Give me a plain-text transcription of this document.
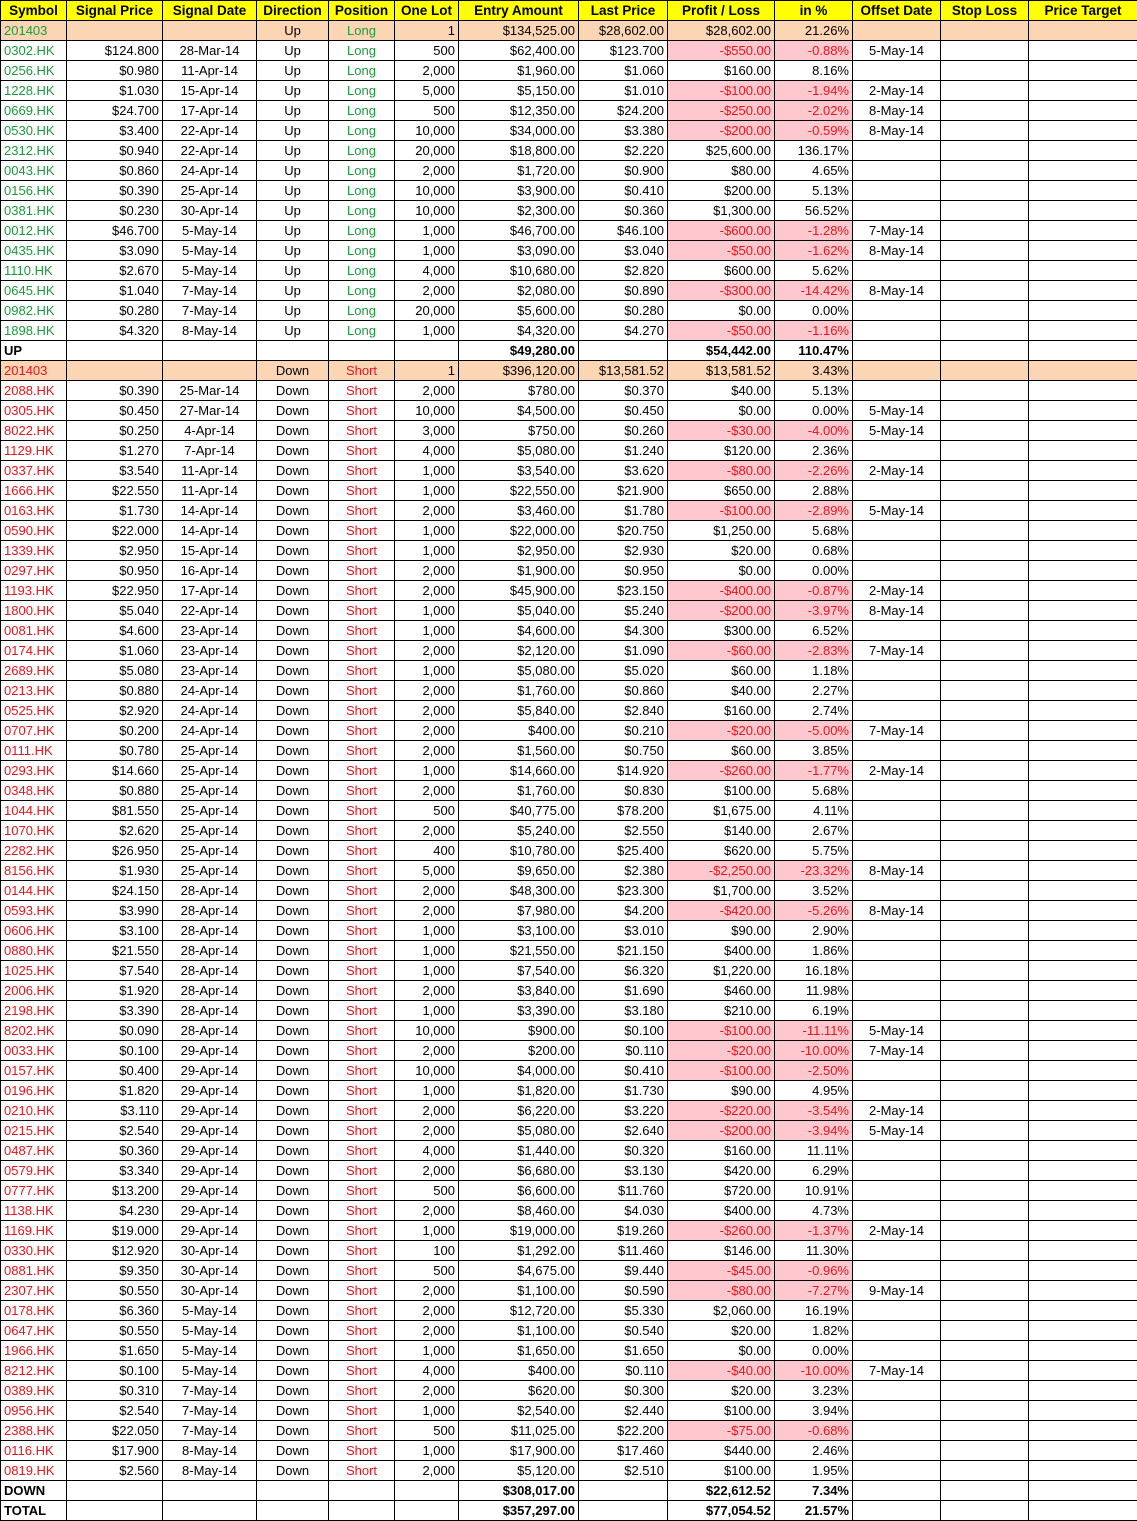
Symbol	Signal Price	Signal Date	Direction	Position	One Lot	Entry Amount	Last Price	Profit / Loss	in %	Offset Date	Stop Loss	Price Target
201403			Up	Long	1	$134,525.00	$28,602.00	$28,602.00	21.26%			
0302.HK	$124.800	28-Mar-14	Up	Long	500	$62,400.00	$123.700	-$550.00	-0.88%	5-May-14		
0256.HK	$0.980	11-Apr-14	Up	Long	2,000	$1,960.00	$1.060	$160.00	8.16%			
1228.HK	$1.030	15-Apr-14	Up	Long	5,000	$5,150.00	$1.010	-$100.00	-1.94%	2-May-14		
0669.HK	$24.700	17-Apr-14	Up	Long	500	$12,350.00	$24.200	-$250.00	-2.02%	8-May-14		
0530.HK	$3.400	22-Apr-14	Up	Long	10,000	$34,000.00	$3.380	-$200.00	-0.59%	8-May-14		
2312.HK	$0.940	22-Apr-14	Up	Long	20,000	$18,800.00	$2.220	$25,600.00	136.17%			
0043.HK	$0.860	24-Apr-14	Up	Long	2,000	$1,720.00	$0.900	$80.00	4.65%			
0156.HK	$0.390	25-Apr-14	Up	Long	10,000	$3,900.00	$0.410	$200.00	5.13%			
0381.HK	$0.230	30-Apr-14	Up	Long	10,000	$2,300.00	$0.360	$1,300.00	56.52%			
0012.HK	$46.700	5-May-14	Up	Long	1,000	$46,700.00	$46.100	-$600.00	-1.28%	7-May-14		
0435.HK	$3.090	5-May-14	Up	Long	1,000	$3,090.00	$3.040	-$50.00	-1.62%	8-May-14		
1110.HK	$2.670	5-May-14	Up	Long	4,000	$10,680.00	$2.820	$600.00	5.62%			
0645.HK	$1.040	7-May-14	Up	Long	2,000	$2,080.00	$0.890	-$300.00	-14.42%	8-May-14		
0982.HK	$0.280	7-May-14	Up	Long	20,000	$5,600.00	$0.280	$0.00	0.00%			
1898.HK	$4.320	8-May-14	Up	Long	1,000	$4,320.00	$4.270	-$50.00	-1.16%			
UP						$49,280.00		$54,442.00	110.47%			
201403			Down	Short	1	$396,120.00	$13,581.52	$13,581.52	3.43%			
2088.HK	$0.390	25-Mar-14	Down	Short	2,000	$780.00	$0.370	$40.00	5.13%			
0305.HK	$0.450	27-Mar-14	Down	Short	10,000	$4,500.00	$0.450	$0.00	0.00%	5-May-14		
8022.HK	$0.250	4-Apr-14	Down	Short	3,000	$750.00	$0.260	-$30.00	-4.00%	5-May-14		
1129.HK	$1.270	7-Apr-14	Down	Short	4,000	$5,080.00	$1.240	$120.00	2.36%			
0337.HK	$3.540	11-Apr-14	Down	Short	1,000	$3,540.00	$3.620	-$80.00	-2.26%	2-May-14		
1666.HK	$22.550	11-Apr-14	Down	Short	1,000	$22,550.00	$21.900	$650.00	2.88%			
0163.HK	$1.730	14-Apr-14	Down	Short	2,000	$3,460.00	$1.780	-$100.00	-2.89%	5-May-14		
0590.HK	$22.000	14-Apr-14	Down	Short	1,000	$22,000.00	$20.750	$1,250.00	5.68%			
1339.HK	$2.950	15-Apr-14	Down	Short	1,000	$2,950.00	$2.930	$20.00	0.68%			
0297.HK	$0.950	16-Apr-14	Down	Short	2,000	$1,900.00	$0.950	$0.00	0.00%			
1193.HK	$22.950	17-Apr-14	Down	Short	2,000	$45,900.00	$23.150	-$400.00	-0.87%	2-May-14		
1800.HK	$5.040	22-Apr-14	Down	Short	1,000	$5,040.00	$5.240	-$200.00	-3.97%	8-May-14		
0081.HK	$4.600	23-Apr-14	Down	Short	1,000	$4,600.00	$4.300	$300.00	6.52%			
0174.HK	$1.060	23-Apr-14	Down	Short	2,000	$2,120.00	$1.090	-$60.00	-2.83%	7-May-14		
2689.HK	$5.080	23-Apr-14	Down	Short	1,000	$5,080.00	$5.020	$60.00	1.18%			
0213.HK	$0.880	24-Apr-14	Down	Short	2,000	$1,760.00	$0.860	$40.00	2.27%			
0525.HK	$2.920	24-Apr-14	Down	Short	2,000	$5,840.00	$2.840	$160.00	2.74%			
0707.HK	$0.200	24-Apr-14	Down	Short	2,000	$400.00	$0.210	-$20.00	-5.00%	7-May-14		
0111.HK	$0.780	25-Apr-14	Down	Short	2,000	$1,560.00	$0.750	$60.00	3.85%			
0293.HK	$14.660	25-Apr-14	Down	Short	1,000	$14,660.00	$14.920	-$260.00	-1.77%	2-May-14		
0348.HK	$0.880	25-Apr-14	Down	Short	2,000	$1,760.00	$0.830	$100.00	5.68%			
1044.HK	$81.550	25-Apr-14	Down	Short	500	$40,775.00	$78.200	$1,675.00	4.11%			
1070.HK	$2.620	25-Apr-14	Down	Short	2,000	$5,240.00	$2.550	$140.00	2.67%			
2282.HK	$26.950	25-Apr-14	Down	Short	400	$10,780.00	$25.400	$620.00	5.75%			
8156.HK	$1.930	25-Apr-14	Down	Short	5,000	$9,650.00	$2.380	-$2,250.00	-23.32%	8-May-14		
0144.HK	$24.150	28-Apr-14	Down	Short	2,000	$48,300.00	$23.300	$1,700.00	3.52%			
0593.HK	$3.990	28-Apr-14	Down	Short	2,000	$7,980.00	$4.200	-$420.00	-5.26%	8-May-14		
0606.HK	$3.100	28-Apr-14	Down	Short	1,000	$3,100.00	$3.010	$90.00	2.90%			
0880.HK	$21.550	28-Apr-14	Down	Short	1,000	$21,550.00	$21.150	$400.00	1.86%			
1025.HK	$7.540	28-Apr-14	Down	Short	1,000	$7,540.00	$6.320	$1,220.00	16.18%			
2006.HK	$1.920	28-Apr-14	Down	Short	2,000	$3,840.00	$1.690	$460.00	11.98%			
2198.HK	$3.390	28-Apr-14	Down	Short	1,000	$3,390.00	$3.180	$210.00	6.19%			
8202.HK	$0.090	28-Apr-14	Down	Short	10,000	$900.00	$0.100	-$100.00	-11.11%	5-May-14		
0033.HK	$0.100	29-Apr-14	Down	Short	2,000	$200.00	$0.110	-$20.00	-10.00%	7-May-14		
0157.HK	$0.400	29-Apr-14	Down	Short	10,000	$4,000.00	$0.410	-$100.00	-2.50%			
0196.HK	$1.820	29-Apr-14	Down	Short	1,000	$1,820.00	$1.730	$90.00	4.95%			
0210.HK	$3.110	29-Apr-14	Down	Short	2,000	$6,220.00	$3.220	-$220.00	-3.54%	2-May-14		
0215.HK	$2.540	29-Apr-14	Down	Short	2,000	$5,080.00	$2.640	-$200.00	-3.94%	5-May-14		
0487.HK	$0.360	29-Apr-14	Down	Short	4,000	$1,440.00	$0.320	$160.00	11.11%			
0579.HK	$3.340	29-Apr-14	Down	Short	2,000	$6,680.00	$3.130	$420.00	6.29%			
0777.HK	$13.200	29-Apr-14	Down	Short	500	$6,600.00	$11.760	$720.00	10.91%			
1138.HK	$4.230	29-Apr-14	Down	Short	2,000	$8,460.00	$4.030	$400.00	4.73%			
1169.HK	$19.000	29-Apr-14	Down	Short	1,000	$19,000.00	$19.260	-$260.00	-1.37%	2-May-14		
0330.HK	$12.920	30-Apr-14	Down	Short	100	$1,292.00	$11.460	$146.00	11.30%			
0881.HK	$9.350	30-Apr-14	Down	Short	500	$4,675.00	$9.440	-$45.00	-0.96%			
2307.HK	$0.550	30-Apr-14	Down	Short	2,000	$1,100.00	$0.590	-$80.00	-7.27%	9-May-14		
0178.HK	$6.360	5-May-14	Down	Short	2,000	$12,720.00	$5.330	$2,060.00	16.19%			
0647.HK	$0.550	5-May-14	Down	Short	2,000	$1,100.00	$0.540	$20.00	1.82%			
1966.HK	$1.650	5-May-14	Down	Short	1,000	$1,650.00	$1.650	$0.00	0.00%			
8212.HK	$0.100	5-May-14	Down	Short	4,000	$400.00	$0.110	-$40.00	-10.00%	7-May-14		
0389.HK	$0.310	7-May-14	Down	Short	2,000	$620.00	$0.300	$20.00	3.23%			
0956.HK	$2.540	7-May-14	Down	Short	1,000	$2,540.00	$2.440	$100.00	3.94%			
2388.HK	$22.050	7-May-14	Down	Short	500	$11,025.00	$22.200	-$75.00	-0.68%			
0116.HK	$17.900	8-May-14	Down	Short	1,000	$17,900.00	$17.460	$440.00	2.46%			
0819.HK	$2.560	8-May-14	Down	Short	2,000	$5,120.00	$2.510	$100.00	1.95%			
DOWN						$308,017.00		$22,612.52	7.34%			
TOTAL						$357,297.00		$77,054.52	21.57%			
